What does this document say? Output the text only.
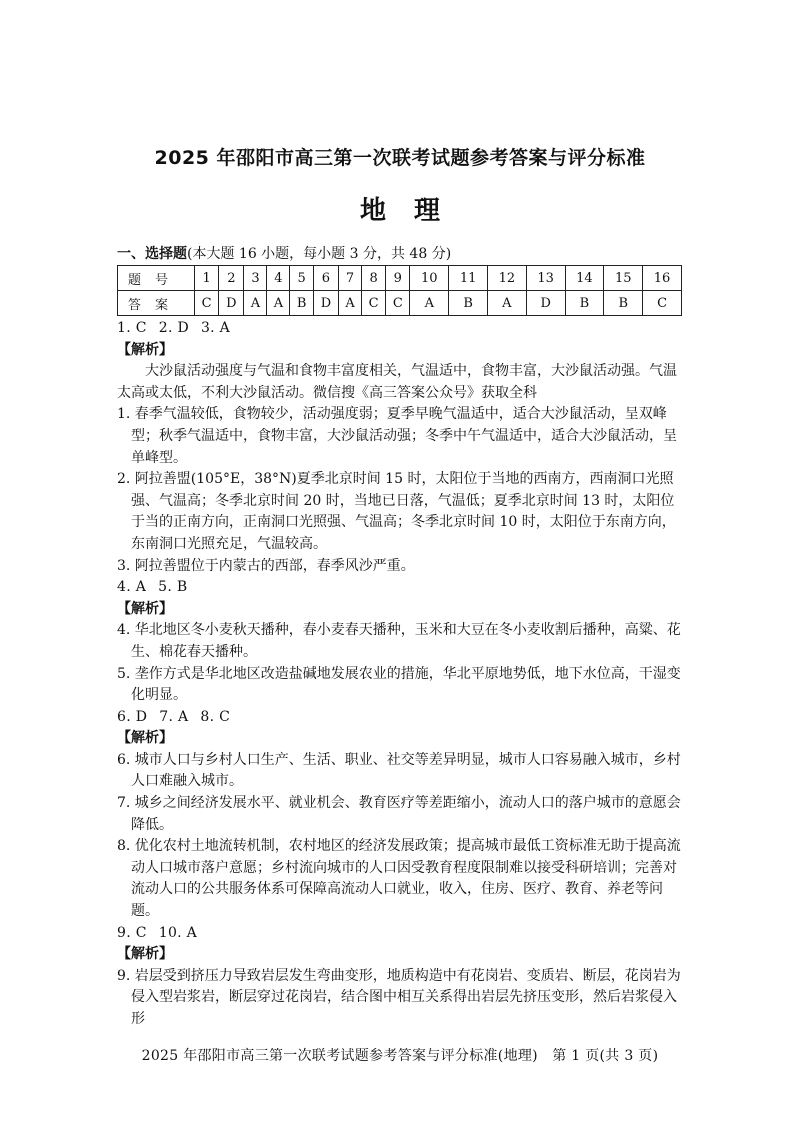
2025 年邵阳市高三第一次联考试题参考答案与评分标准
地理
一、选择题(本大题 16 小题，每小题 3 分，共 48 分)
题号	1	2	3	4	5	6	7	8	9	10	11	12	13	14	15	16
答案	C	D	A	A	B	D	A	C	C	A	B	A	D	B	B	C

1. C 2. D 3. A

【解析】

大沙鼠活动强度与气温和食物丰富度相关，气温适中，食物丰富，大沙鼠活动强。气温太高或太低，不利大沙鼠活动。微信搜《高三答案公众号》获取全科

1. 春季气温较低，食物较少，活动强度弱；夏季早晚气温适中，适合大沙鼠活动，呈双峰型；秋季气温适中，食物丰富，大沙鼠活动强；冬季中午气温适中，适合大沙鼠活动，呈单峰型。

2. 阿拉善盟(105°E，38°N)夏季北京时间 15 时，太阳位于当地的西南方，西南洞口光照强、气温高；冬季北京时间 20 时，当地已日落，气温低；夏季北京时间 13 时，太阳位于当的正南方向，正南洞口光照强、气温高；冬季北京时间 10 时，太阳位于东南方向，东南洞口光照充足，气温较高。

3. 阿拉善盟位于内蒙古的西部，春季风沙严重。

4. A 5. B

【解析】

4. 华北地区冬小麦秋天播种，春小麦春天播种，玉米和大豆在冬小麦收割后播种，高粱、花生、棉花春天播种。

5. 垄作方式是华北地区改造盐碱地发展农业的措施，华北平原地势低，地下水位高，干湿变化明显。

6. D 7. A 8. C

【解析】

6. 城市人口与乡村人口生产、生活、职业、社交等差异明显，城市人口容易融入城市，乡村人口难融入城市。

7. 城乡之间经济发展水平、就业机会、教育医疗等差距缩小，流动人口的落户城市的意愿会降低。

8. 优化农村土地流转机制，农村地区的经济发展政策；提高城市最低工资标准无助于提高流动人口城市落户意愿；乡村流向城市的人口因受教育程度限制难以接受科研培训；完善对流动人口的公共服务体系可保障高流动人口就业，收入，住房、医疗、教育、养老等问题。

9. C 10. A

【解析】

9. 岩层受到挤压力导致岩层发生弯曲变形，地质构造中有花岗岩、变质岩、断层，花岗岩为侵入型岩浆岩，断层穿过花岗岩，结合图中相互关系得出岩层先挤压变形，然后岩浆侵入形

2025 年邵阳市高三第一次联考试题参考答案与评分标准(地理)　第 1 页(共 3 页)
